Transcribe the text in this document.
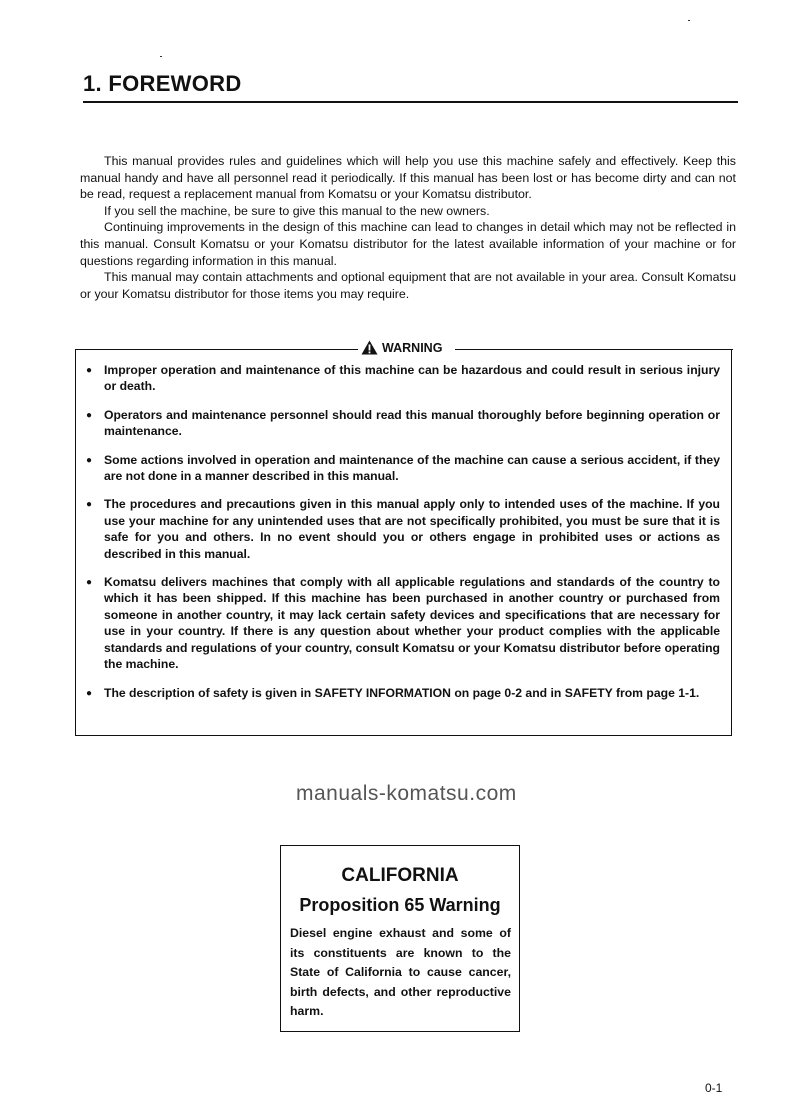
1. FOREWORD

This manual provides rules and guidelines which will help you use this machine safely and effectively. Keep this manual handy and have all personnel read it periodically. If this manual has been lost or has become dirty and can not be read, request a replacement manual from Komatsu or your Komatsu distributor.

If you sell the machine, be sure to give this manual to the new owners.

Continuing improvements in the design of this machine can lead to changes in detail which may not be reflected in this manual. Consult Komatsu or your Komatsu distributor for the latest available information of your machine or for questions regarding information in this manual.

This manual may contain attachments and optional equipment that are not available in your area. Consult Komatsu or your Komatsu distributor for those items you may require.

WARNING
● Improper operation and maintenance of this machine can be hazardous and could result in serious injury or death.
● Operators and maintenance personnel should read this manual thoroughly before beginning operation or maintenance.
● Some actions involved in operation and maintenance of the machine can cause a serious accident, if they are not done in a manner described in this manual.
● The procedures and precautions given in this manual apply only to intended uses of the machine. If you use your machine for any unintended uses that are not specifically prohibited, you must be sure that it is safe for you and others. In no event should you or others engage in prohibited uses or actions as described in this manual.
● Komatsu delivers machines that comply with all applicable regulations and standards of the country to which it has been shipped. If this machine has been purchased in another country or purchased from someone in another country, it may lack certain safety devices and specifications that are necessary for use in your country. If there is any question about whether your product complies with the applicable standards and regulations of your country, consult Komatsu or your Komatsu distributor before operating the machine.
● The description of safety is given in SAFETY INFORMATION on page 0-2 and in SAFETY from page 1-1.
manuals-komatsu.com
CALIFORNIA
Proposition 65 Warning
Diesel engine exhaust and some of its constituents are known to the State of California to cause cancer, birth defects, and other reproductive
harm.
0-1
